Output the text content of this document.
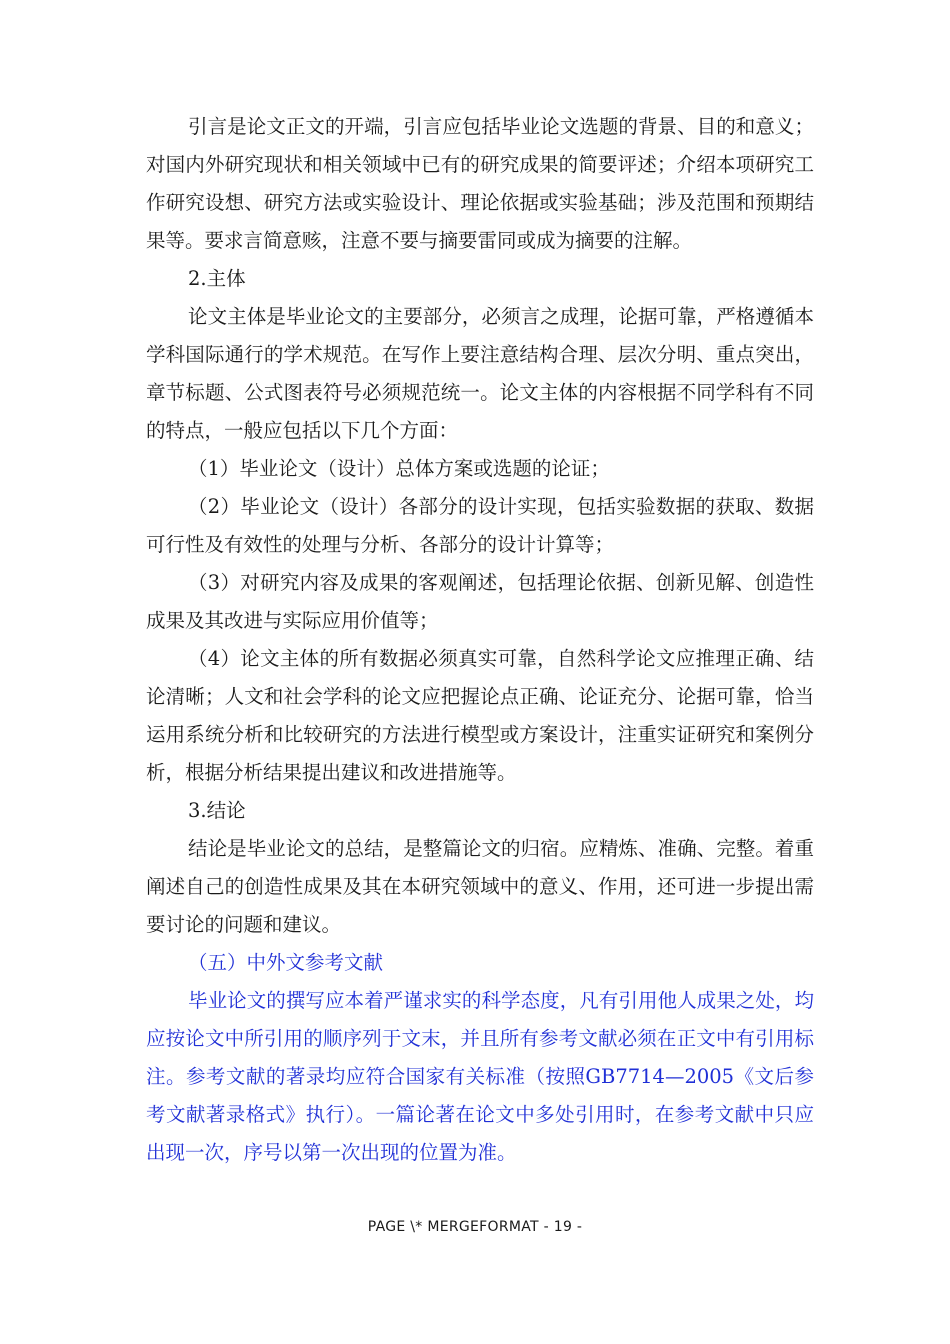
引言是论文正文的开端，引言应包括毕业论文选题的背景、目的和意义；对国内外研究现状和相关领域中已有的研究成果的简要评述；介绍本项研究工作研究设想、研究方法或实验设计、理论依据或实验基础；涉及范围和预期结果等。要求言简意赅，注意不要与摘要雷同或成为摘要的注解。

2.主体

论文主体是毕业论文的主要部分，必须言之成理，论据可靠，严格遵循本学科国际通行的学术规范。在写作上要注意结构合理、层次分明、重点突出，章节标题、公式图表符号必须规范统一。论文主体的内容根据不同学科有不同的特点，一般应包括以下几个方面：

（1）毕业论文（设计）总体方案或选题的论证；

（2）毕业论文（设计）各部分的设计实现，包括实验数据的获取、数据可行性及有效性的处理与分析、各部分的设计计算等；

（3）对研究内容及成果的客观阐述，包括理论依据、创新见解、创造性成果及其改进与实际应用价值等；

（4）论文主体的所有数据必须真实可靠，自然科学论文应推理正确、结论清晰；人文和社会学科的论文应把握论点正确、论证充分、论据可靠，恰当运用系统分析和比较研究的方法进行模型或方案设计，注重实证研究和案例分析，根据分析结果提出建议和改进措施等。

3.结论

结论是毕业论文的总结，是整篇论文的归宿。应精炼、准确、完整。着重阐述自己的创造性成果及其在本研究领域中的意义、作用，还可进一步提出需要讨论的问题和建议。

（五）中外文参考文献

毕业论文的撰写应本着严谨求实的科学态度，凡有引用他人成果之处，均应按论文中所引用的顺序列于文末，并且所有参考文献必须在正文中有引用标注。参考文献的著录均应符合国家有关标准（按照GB7714—2005《文后参考文献著录格式》执行）。一篇论著在论文中多处引用时，在参考文献中只应出现一次，序号以第一次出现的位置为准。

PAGE \* MERGEFORMAT - 19 -
